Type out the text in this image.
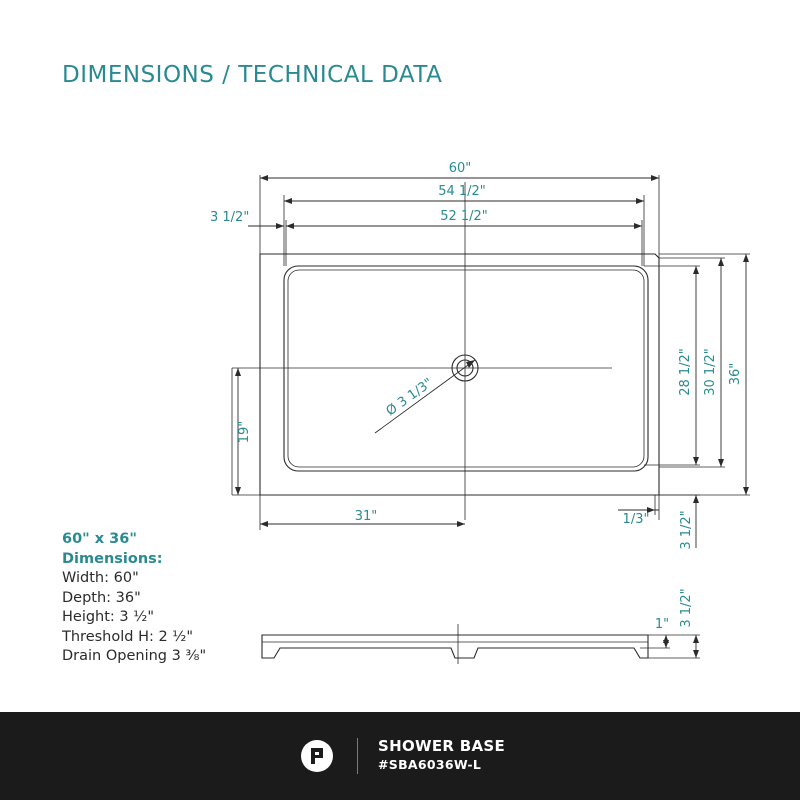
DIMENSIONS / TECHNICAL DATA
60"
54 1/2"
52 1/2"
3 1/2"
Ø 3 1/3"
19"
31"
28 1/2" 30 1/2" 36"
1/3" 3 1/2"
1" 3 1/2"
60" x 36"
Dimensions:
Width: 60"
Depth: 36"
Height: 3 ½"
Threshold H: 2 ½"
Drain Opening 3 ⅜"
SHOWER BASE
#SBA6036W-L
